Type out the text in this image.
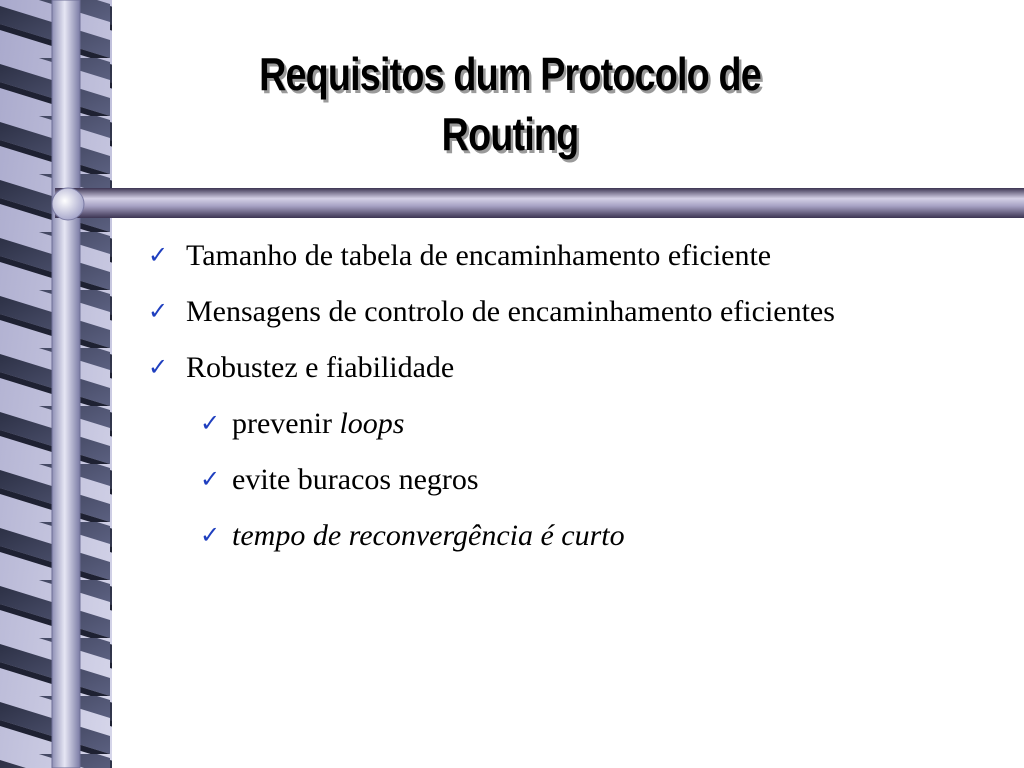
Requisitos dum Protocolo de
Routing
✓ Tamanho de tabela de encaminhamento eficiente
✓ Mensagens de controlo de encaminhamento eficientes
✓ Robustez e fiabilidade
✓ prevenir loops
✓ evite buracos negros
✓ tempo de reconvergência é curto
